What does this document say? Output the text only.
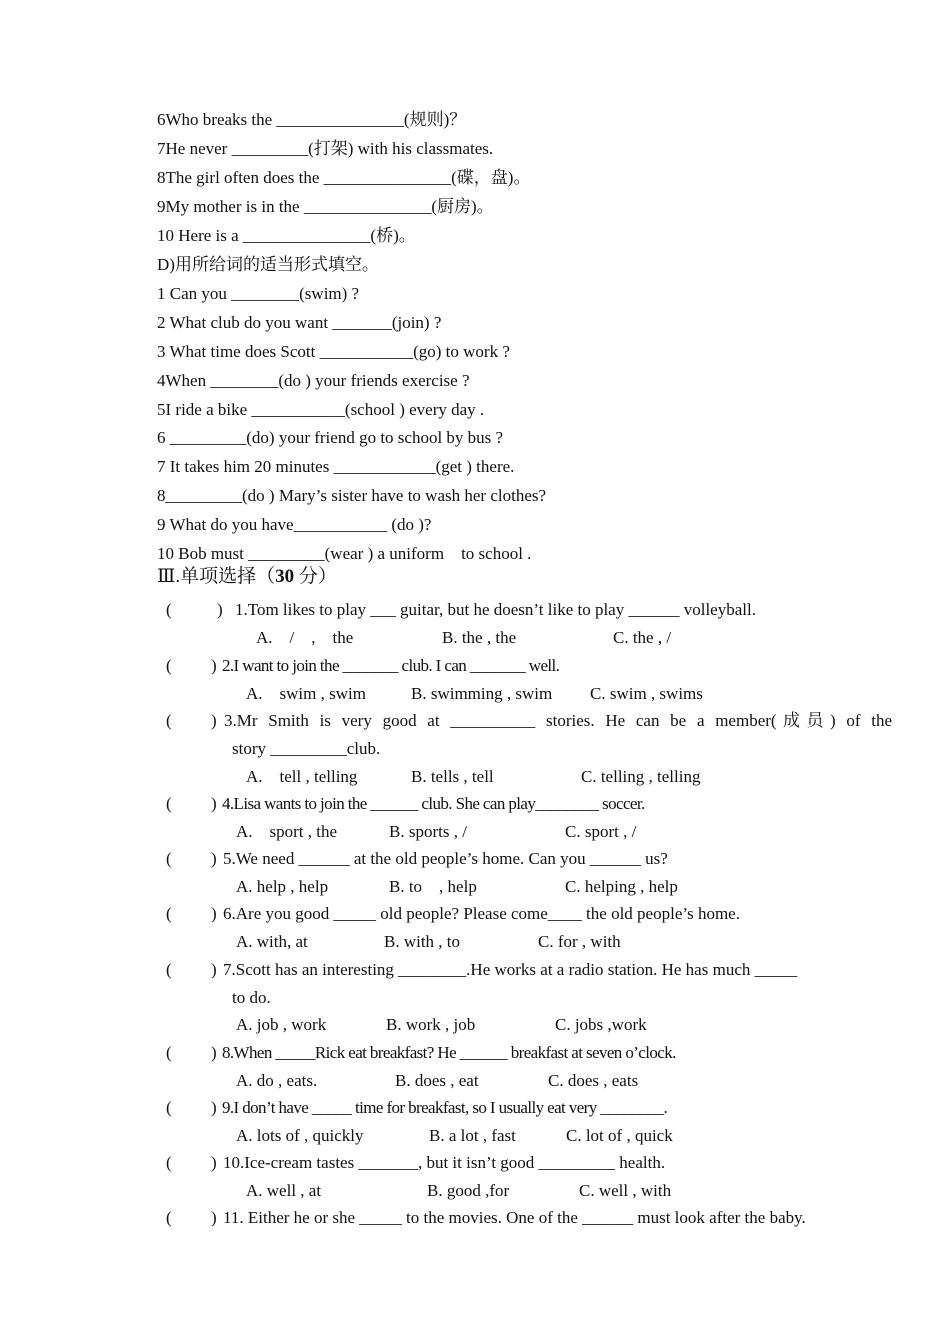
6Who breaks the _______________(规则)？
7He never _________(打架) with his classmates.
8The girl often does the _______________(碟，盘)。
9My mother is in the _______________(厨房)。
10 Here is a _______________(桥)。
D)用所给词的适当形式填空。
1 Can you ________(swim) ?
2 What club do you want _______(join) ?
3 What time does Scott ___________(go) to work ?
4When ________(do ) your friends exercise ?
5I ride a bike ___________(school ) every day .
6 _________(do) your friend go to school by bus ?
7 It takes him 20 minutes ____________(get ) there.
8_________(do ) Mary’s sister have to wash her clothes?
9 What do you have___________ (do )?
10 Bob must _________(wear ) a uniform    to school .
Ⅲ.单项选择（30 分）
(	) 1.Tom likes to play ___ guitar, but he doesn’t like to play ______ volleyball.
A.    /    ,    the	B. the , the	C. the , /
( ) 2.I want to join the _______ club. I can _______ well.
A.    swim , swim	B. swimming , swim C. swim , swims
( ) 3.Mr Smith is very good at __________ stories. He can be a member(成员) of the
story _________club.
A.    tell , telling	B. tells , tell	C. telling , telling
( ) 4.Lisa wants to join the ______ club. She can play________ soccer.
A.    sport , the	B. sports , /	C. sport , /
( ) 5.We need ______ at the old people’s home. Can you ______ us?
A. help , help	B. to    , help	C. helping , help
( ) 6.Are you good _____ old people? Please come____ the old people’s home.
A. with, at	B. with , to	C. for , with
( ) 7.Scott has an interesting ________.He works at a radio station. He has much _____
to do.
A. job , work	B. work , job	C. jobs ,work
( ) 8.When _____Rick eat breakfast? He ______ breakfast at seven o’clock.
A. do , eats.	B. does , eat	C. does , eats
( ) 9.I don’t have _____ time for breakfast, so I usually eat very ________.
A. lots of , quickly	B. a lot , fast	C. lot of , quick
( ) 10.Ice-cream tastes _______, but it isn’t good _________ health.
A. well , at	B. good ,for	C. well , with
( ) 11. Either he or she _____ to the movies. One of the ______ must look after the baby.
